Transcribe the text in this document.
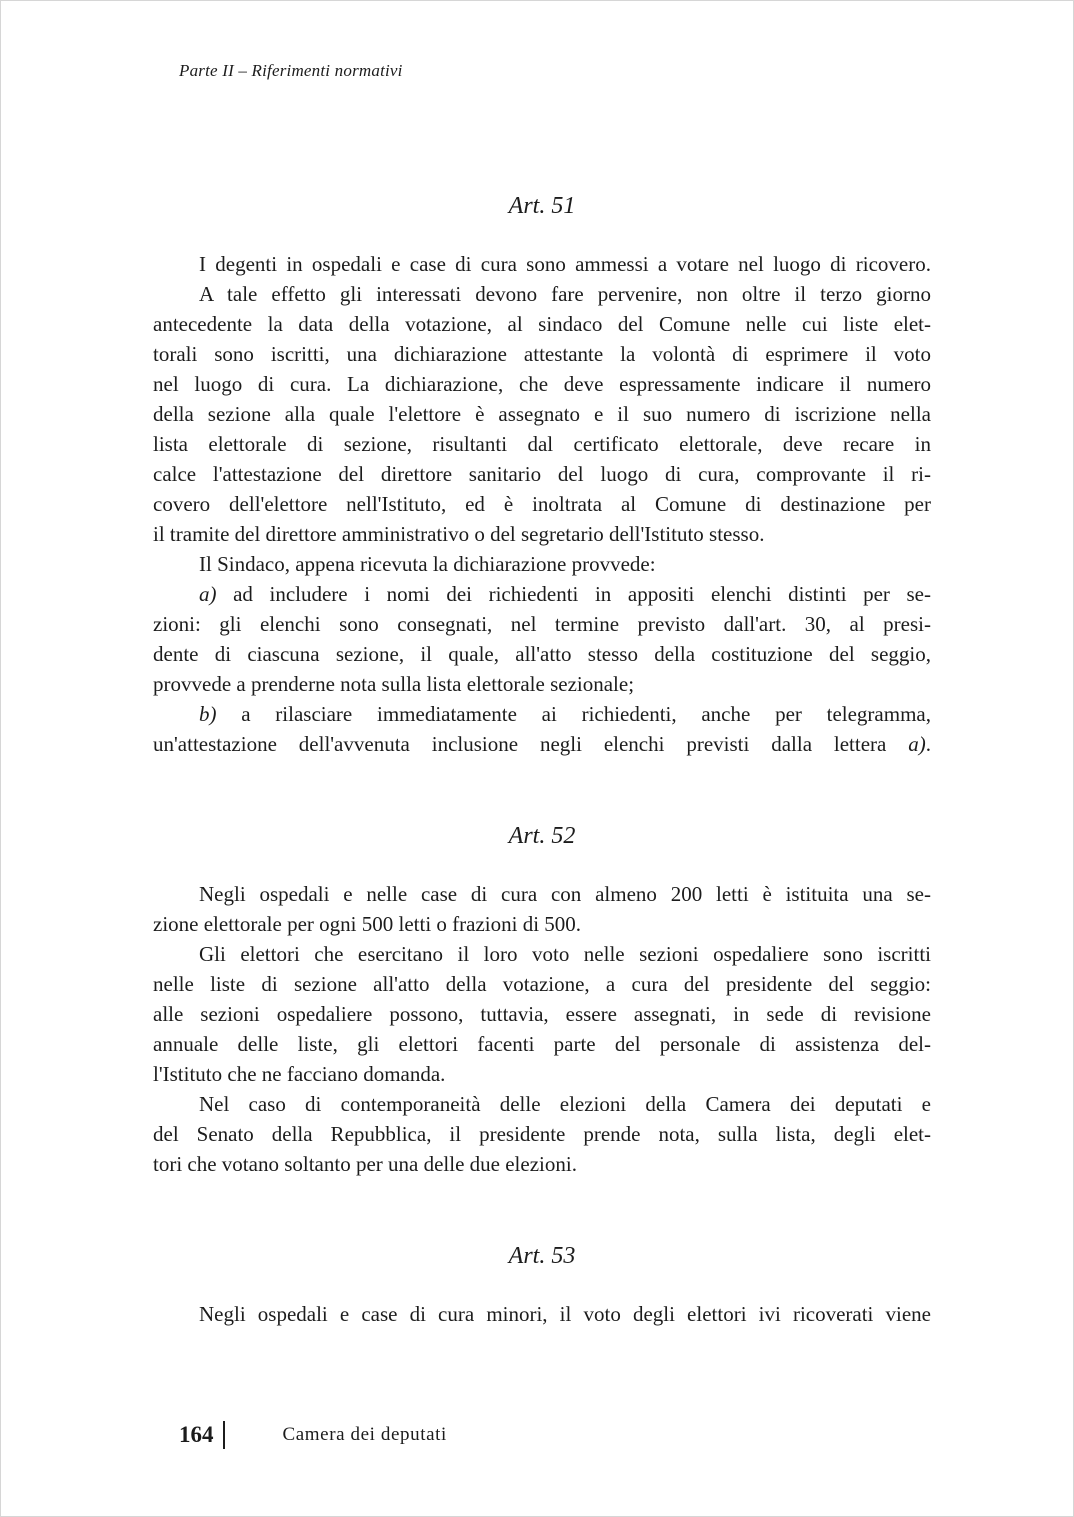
Parte II – Riferimenti normativi
Art. 51
I degenti in ospedali e case di cura sono ammessi a votare nel luogo di ricovero.
A tale effetto gli interessati devono fare pervenire, non oltre il terzo giorno
antecedente la data della votazione, al sindaco del Comune nelle cui liste elet-
torali sono iscritti, una dichiarazione attestante la volontà di esprimere il voto
nel luogo di cura. La dichiarazione, che deve espressamente indicare il numero
della sezione alla quale l'elettore è assegnato e il suo numero di iscrizione nella
lista elettorale di sezione, risultanti dal certificato elettorale, deve recare in
calce l'attestazione del direttore sanitario del luogo di cura, comprovante il ri-
covero dell'elettore nell'Istituto, ed è inoltrata al Comune di destinazione per
il tramite del direttore amministrativo o del segretario dell'Istituto stesso.
Il Sindaco, appena ricevuta la dichiarazione provvede:
a) ad includere i nomi dei richiedenti in appositi elenchi distinti per se-
zioni: gli elenchi sono consegnati, nel termine previsto dall'art. 30, al presi-
dente di ciascuna sezione, il quale, all'atto stesso della costituzione del seggio,
provvede a prenderne nota sulla lista elettorale sezionale;
b) a rilasciare immediatamente ai richiedenti, anche per telegramma,
un'attestazione dell'avvenuta inclusione negli elenchi previsti dalla lettera a).
Art. 52
Negli ospedali e nelle case di cura con almeno 200 letti è istituita una se-
zione elettorale per ogni 500 letti o frazioni di 500.
Gli elettori che esercitano il loro voto nelle sezioni ospedaliere sono iscritti
nelle liste di sezione all'atto della votazione, a cura del presidente del seggio:
alle sezioni ospedaliere possono, tuttavia, essere assegnati, in sede di revisione
annuale delle liste, gli elettori facenti parte del personale di assistenza del-
l'Istituto che ne facciano domanda.
Nel caso di contemporaneità delle elezioni della Camera dei deputati e
del Senato della Repubblica, il presidente prende nota, sulla lista, degli elet-
tori che votano soltanto per una delle due elezioni.
Art. 53
Negli ospedali e case di cura minori, il voto degli elettori ivi ricoverati viene
164	Camera dei deputati
